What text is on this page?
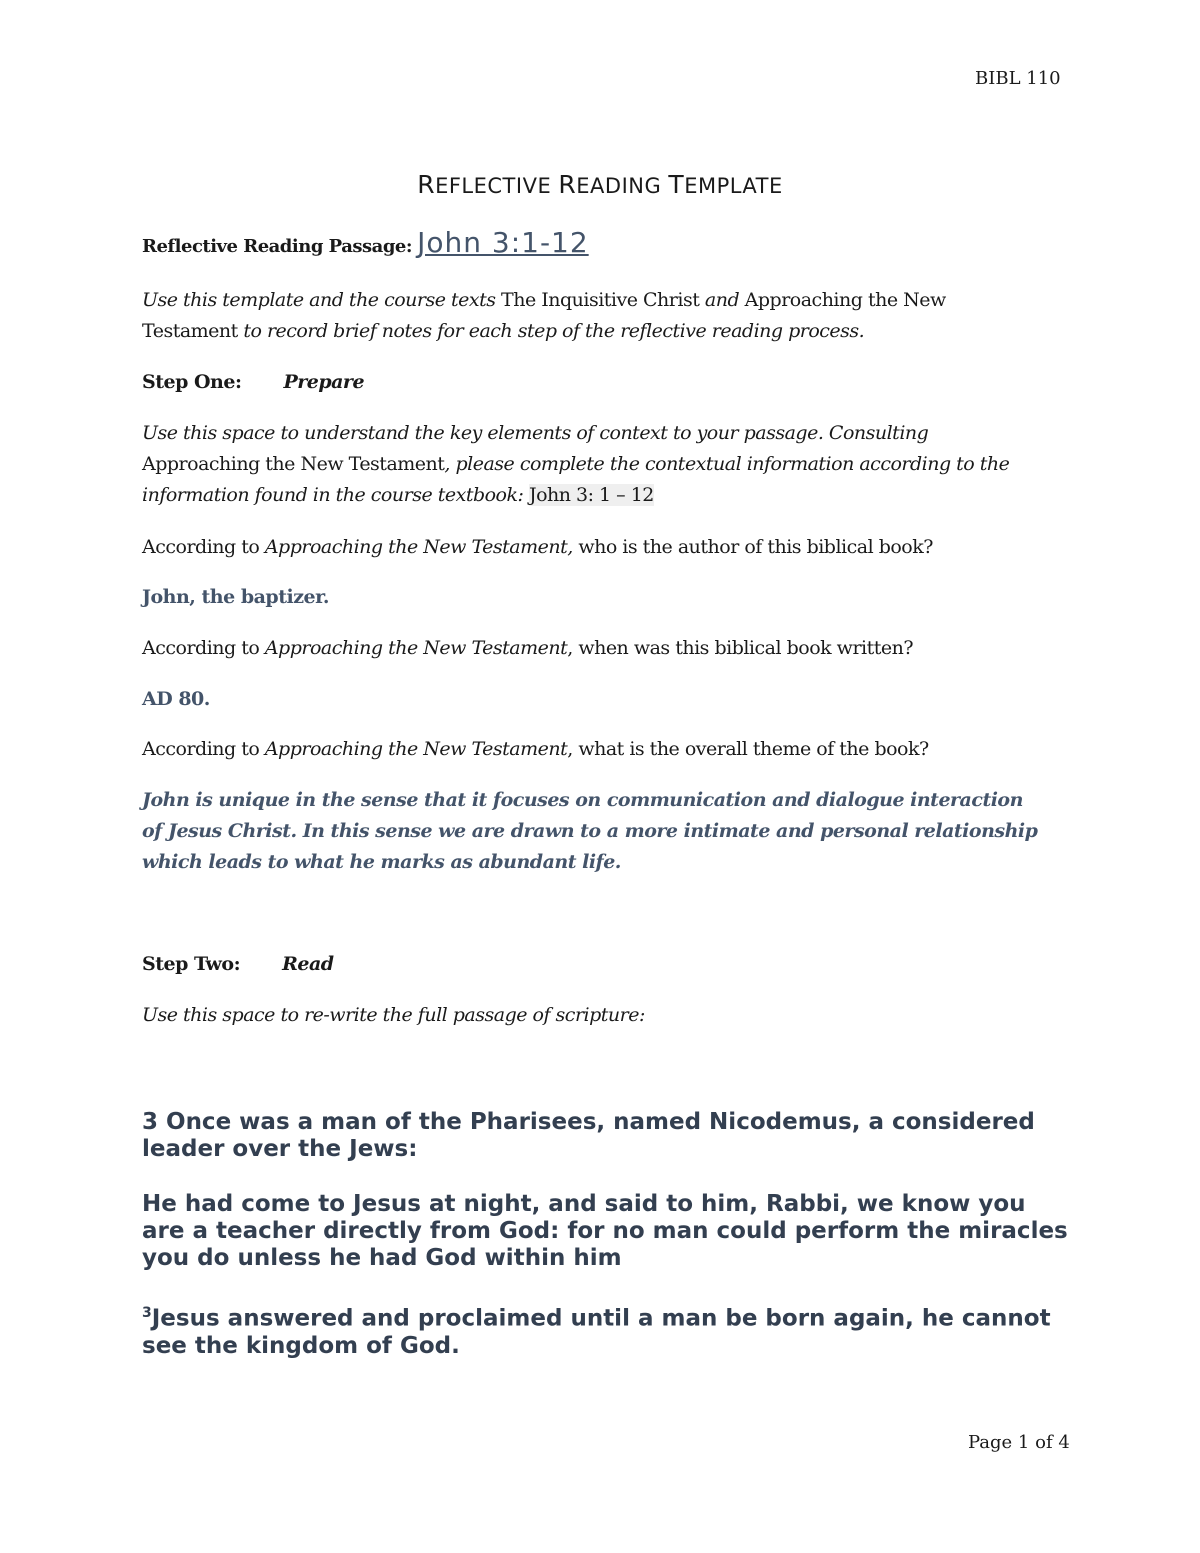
BIBL 110
REFLECTIVE READING TEMPLATE
Reflective Reading Passage: John 3:1-12

Use this template and the course texts The Inquisitive Christ and Approaching the New Testament to record brief notes for each step of the reflective reading process.

Step One: Prepare

Use this space to understand the key elements of context to your passage. Consulting Approaching the New Testament, please complete the contextual information according to the information found in the course textbook: John 3: 1 – 12

According to Approaching the New Testament, who is the author of this biblical book?

John, the baptizer.

According to Approaching the New Testament, when was this biblical book written?

AD 80.

According to Approaching the New Testament, what is the overall theme of the book?

John is unique in the sense that it focuses on communication and dialogue interaction of Jesus Christ. In this sense we are drawn to a more intimate and personal relationship which leads to what he marks as abundant life.

Step Two: Read

Use this space to re-write the full passage of scripture:

3 Once was a man of the Pharisees, named Nicodemus, a considered leader over the Jews:

He had come to Jesus at night, and said to him, Rabbi, we know you are a teacher directly from God: for no man could perform the miracles you do unless he had God within him

$^3$Jesus answered and proclaimed until a man be born again, he cannot see the kingdom of God.

Page 1 of 4
